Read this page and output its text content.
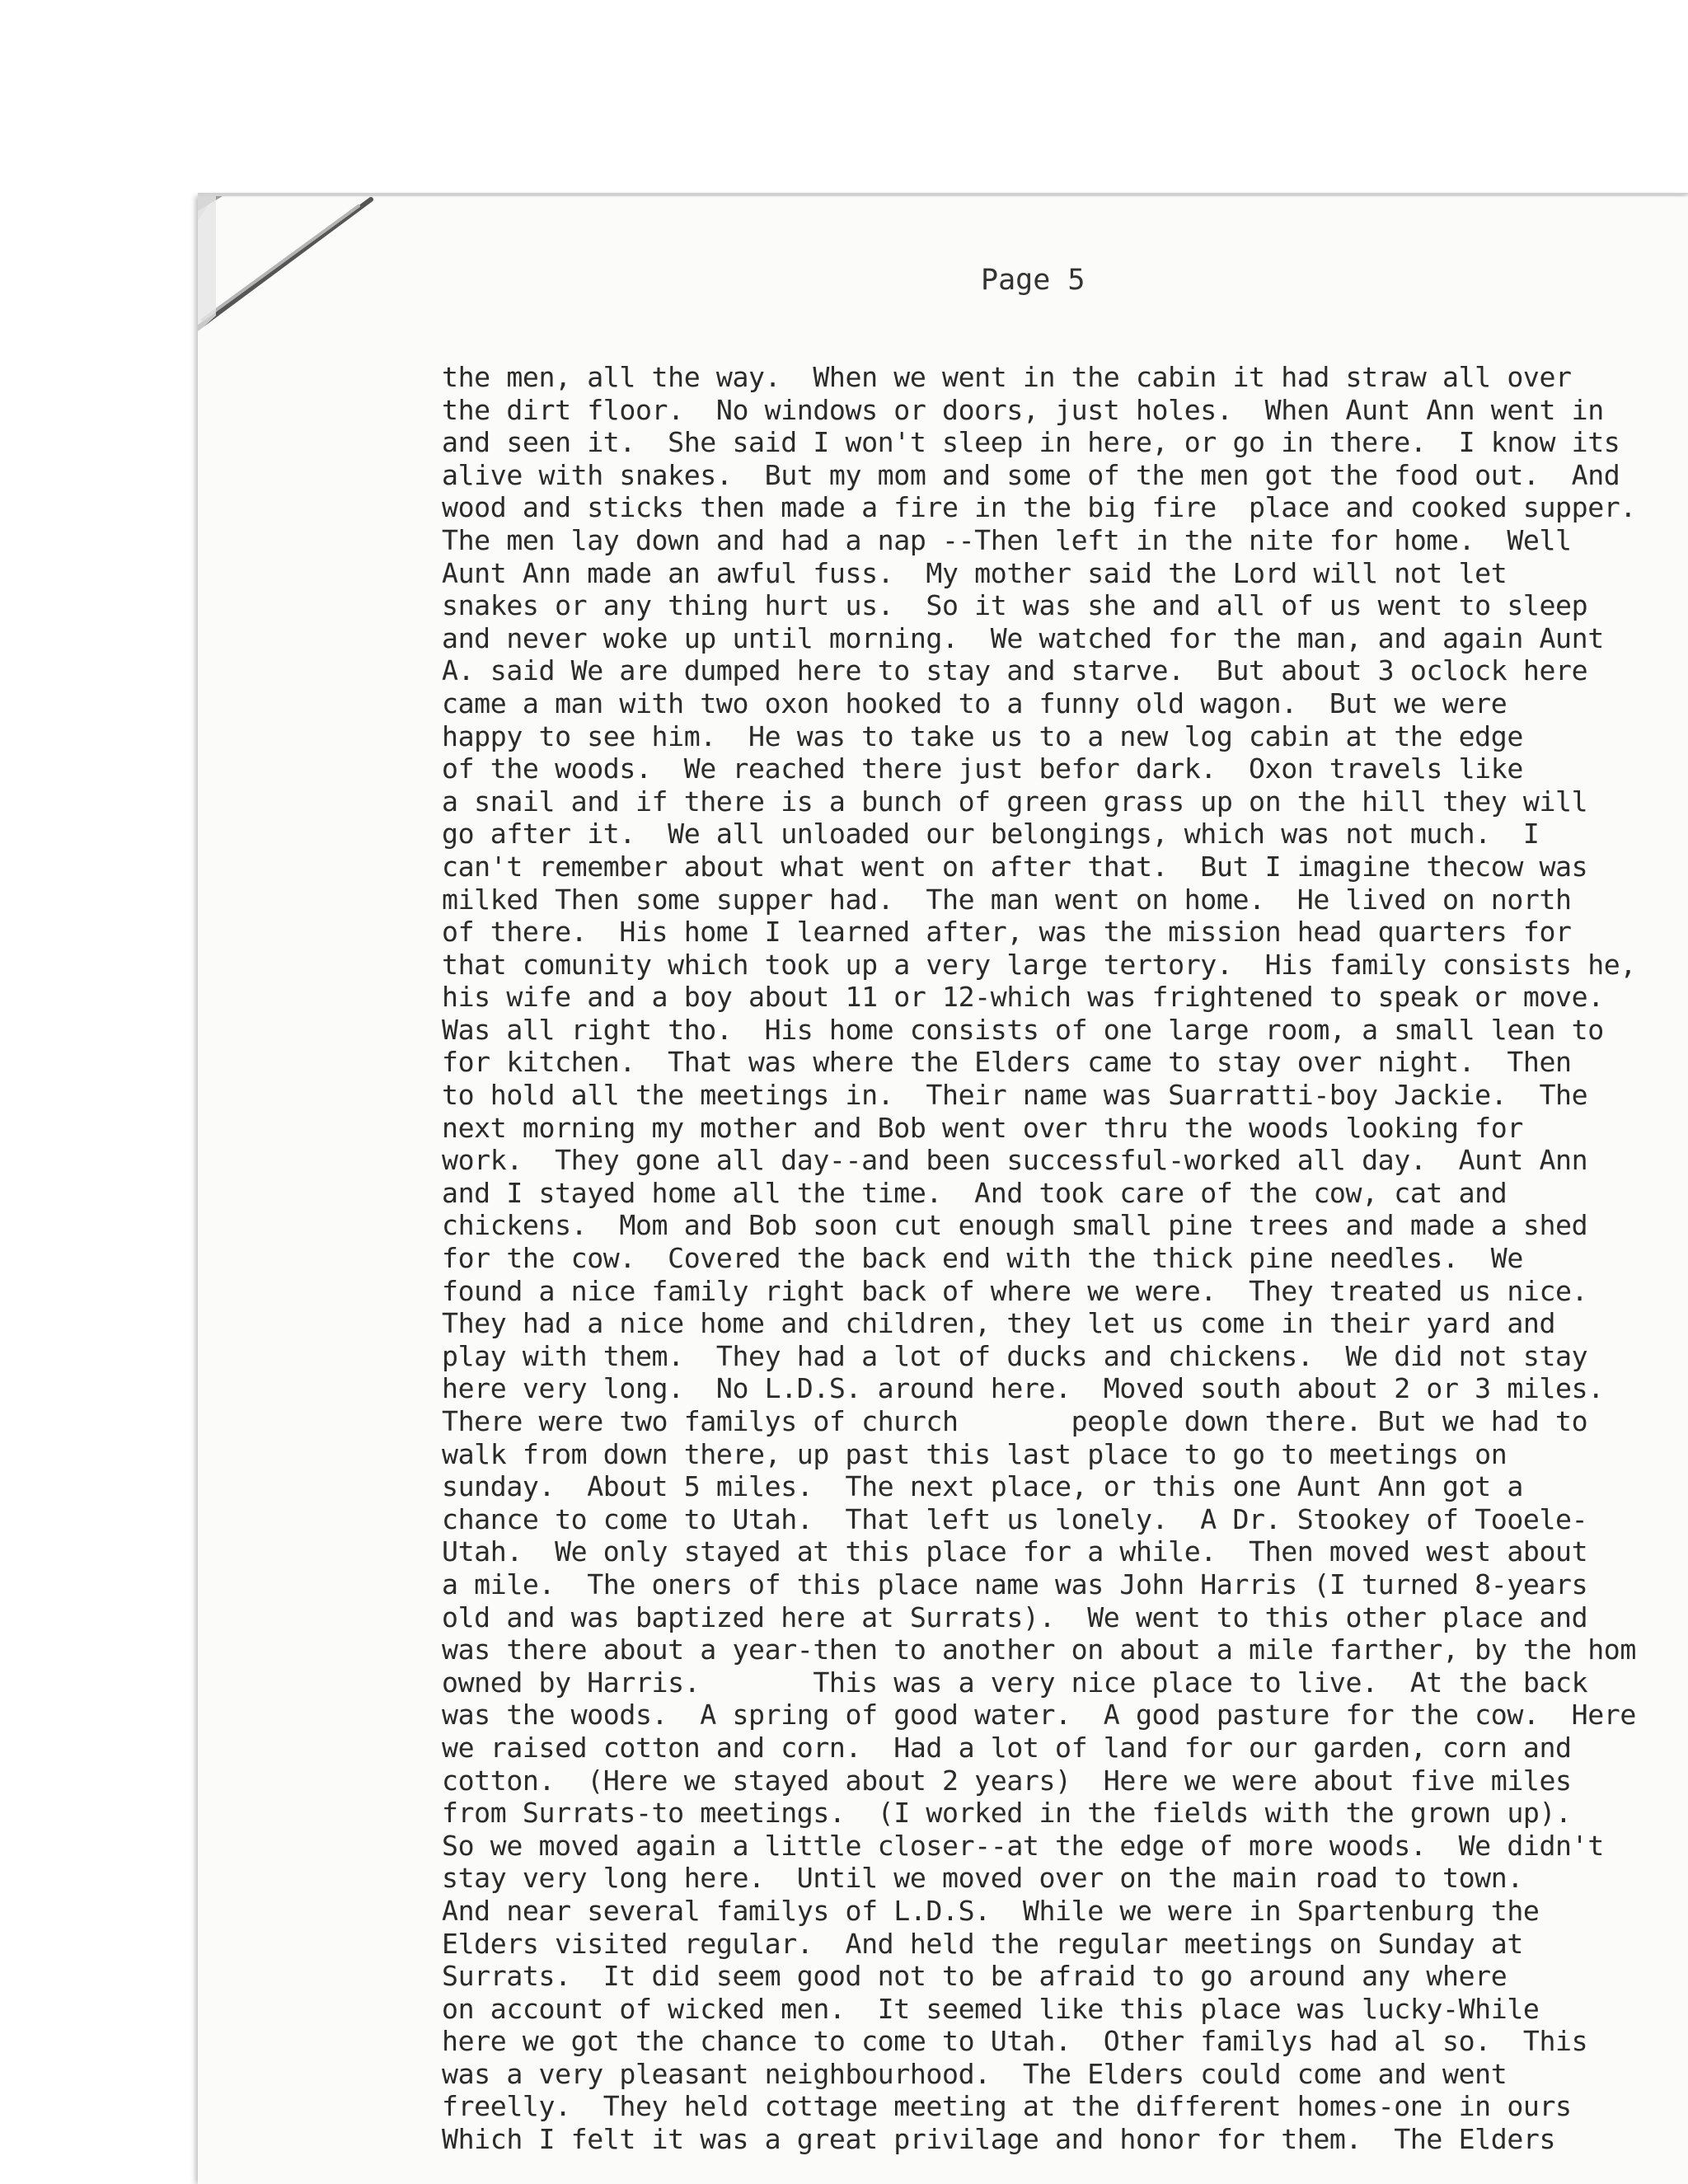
Page 5
the men, all the way.  When we went in the cabin it had straw all over
the dirt floor.  No windows or doors, just holes.  When Aunt Ann went in
and seen it.  She said I won't sleep in here, or go in there.  I know its
alive with snakes.  But my mom and some of the men got the food out.  And
wood and sticks then made a fire in the big fire  place and cooked supper.
The men lay down and had a nap --Then left in the nite for home.  Well
Aunt Ann made an awful fuss.  My mother said the Lord will not let
snakes or any thing hurt us.  So it was she and all of us went to sleep
and never woke up until morning.  We watched for the man, and again Aunt
A. said We are dumped here to stay and starve.  But about 3 oclock here
came a man with two oxon hooked to a funny old wagon.  But we were
happy to see him.  He was to take us to a new log cabin at the edge
of the woods.  We reached there just befor dark.  Oxon travels like
a snail and if there is a bunch of green grass up on the hill they will
go after it.  We all unloaded our belongings, which was not much.  I
can't remember about what went on after that.  But I imagine thecow was
milked Then some supper had.  The man went on home.  He lived on north
of there.  His home I learned after, was the mission head quarters for
that comunity which took up a very large tertory.  His family consists he,
his wife and a boy about 11 or 12-which was frightened to speak or move.
Was all right tho.  His home consists of one large room, a small lean to
for kitchen.  That was where the Elders came to stay over night.  Then
to hold all the meetings in.  Their name was Suarratti-boy Jackie.  The
next morning my mother and Bob went over thru the woods looking for
work.  They gone all day--and been successful-worked all day.  Aunt Ann
and I stayed home all the time.  And took care of the cow, cat and
chickens.  Mom and Bob soon cut enough small pine trees and made a shed
for the cow.  Covered the back end with the thick pine needles.  We
found a nice family right back of where we were.  They treated us nice.
They had a nice home and children, they let us come in their yard and
play with them.  They had a lot of ducks and chickens.  We did not stay
here very long.  No L.D.S. around here.  Moved south about 2 or 3 miles.
There were two familys of church       people down there. But we had to
walk from down there, up past this last place to go to meetings on
sunday.  About 5 miles.  The next place, or this one Aunt Ann got a
chance to come to Utah.  That left us lonely.  A Dr. Stookey of Tooele-
Utah.  We only stayed at this place for a while.  Then moved west about
a mile.  The oners of this place name was John Harris (I turned 8-years
old and was baptized here at Surrats).  We went to this other place and
was there about a year-then to another on about a mile farther, by the hom
owned by Harris.       This was a very nice place to live.  At the back
was the woods.  A spring of good water.  A good pasture for the cow.  Here
we raised cotton and corn.  Had a lot of land for our garden, corn and
cotton.  (Here we stayed about 2 years)  Here we were about five miles
from Surrats-to meetings.  (I worked in the fields with the grown up).
So we moved again a little closer--at the edge of more woods.  We didn't
stay very long here.  Until we moved over on the main road to town.
And near several familys of L.D.S.  While we were in Spartenburg the
Elders visited regular.  And held the regular meetings on Sunday at
Surrats.  It did seem good not to be afraid to go around any where
on account of wicked men.  It seemed like this place was lucky-While
here we got the chance to come to Utah.  Other familys had al so.  This
was a very pleasant neighbourhood.  The Elders could come and went
freelly.  They held cottage meeting at the different homes-one in ours
Which I felt it was a great privilage and honor for them.  The Elders
